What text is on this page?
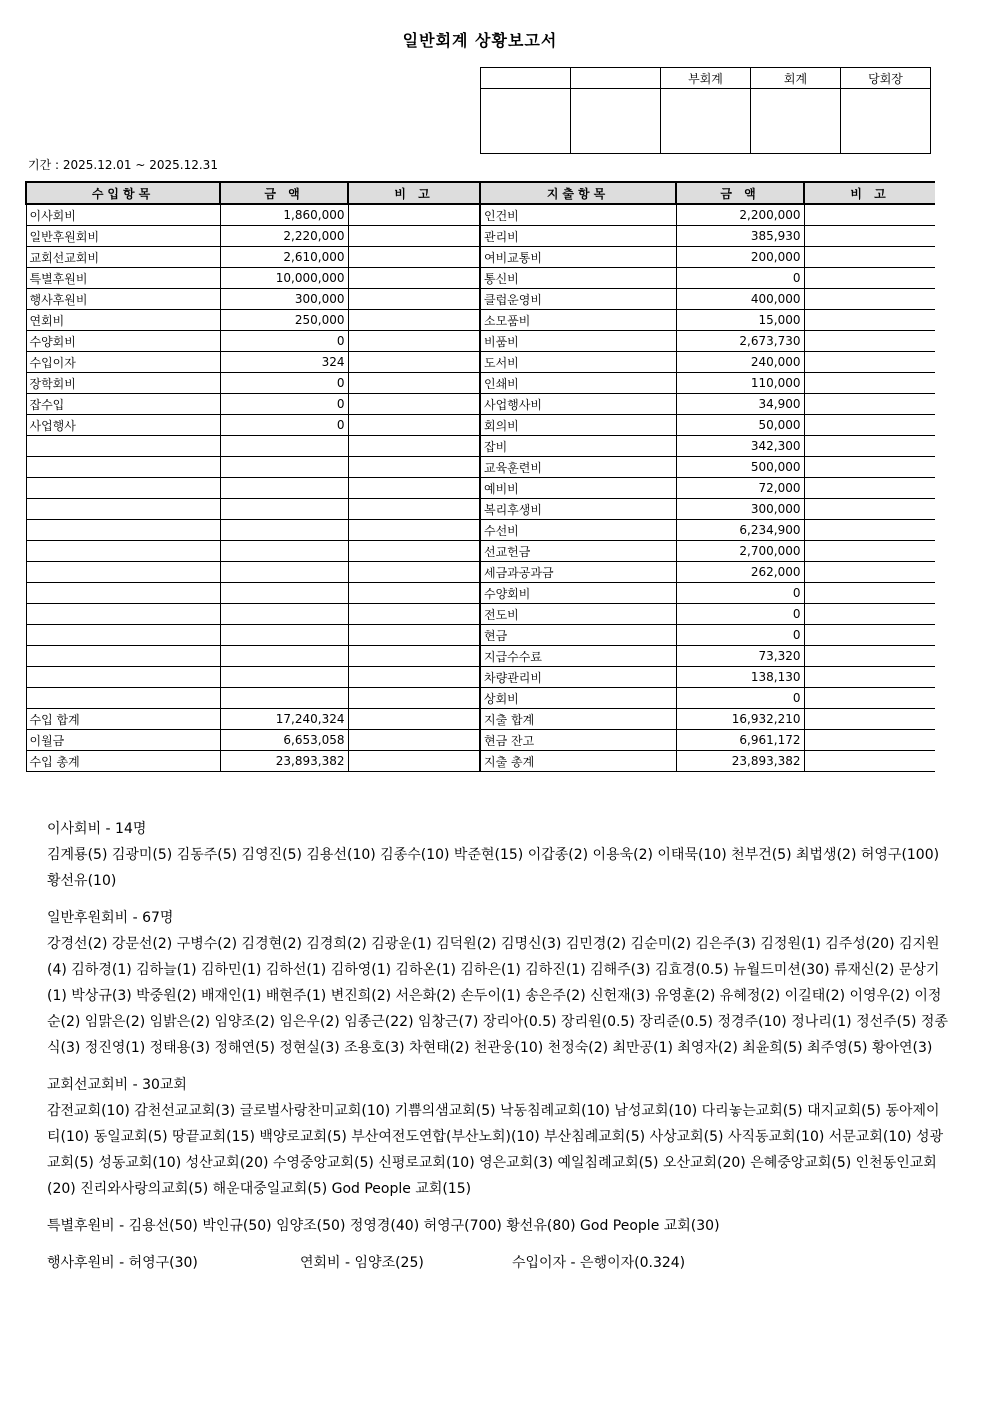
일반회계 상황보고서
		부회계	회계	당회장

기간 : 2025.12.01 ~ 2025.12.31
수입항목	금 액	비 고	지출항목	금 액	비 고
이사회비	1,860,000		인건비	2,200,000	
일반후원회비	2,220,000		관리비	385,930	
교회선교회비	2,610,000		여비교통비	200,000	
특별후원비	10,000,000		통신비	0	
행사후원비	300,000		클럽운영비	400,000	
연회비	250,000		소모품비	15,000	
수양회비	0		비품비	2,673,730	
수입이자	324		도서비	240,000	
장학회비	0		인쇄비	110,000	
잡수입	0		사업행사비	34,900	
사업행사	0		회의비	50,000	
			잡비	342,300	
			교육훈련비	500,000	
			예비비	72,000	
			복리후생비	300,000	
			수선비	6,234,900	
			선교헌금	2,700,000	
			세금과공과금	262,000	
			수양회비	0	
			전도비	0	
			현금	0	
			지급수수료	73,320	
			차량관리비	138,130	
			상회비	0	
수입 합계	17,240,324		지출 합계	16,932,210	
이월금	6,653,058		현금 잔고	6,961,172	
수입 총계	23,893,382		지출 총계	23,893,382	
이사회비 - 14명

김계룡(5) 김광미(5) 김동주(5) 김영진(5) 김용선(10) 김종수(10) 박준현(15) 이갑종(2) 이용욱(2) 이태묵(10) 천부건(5) 최법생(2) 허영구(100) 황선유(10)

일반후원회비 - 67명

강경선(2) 강문선(2) 구병수(2) 김경현(2) 김경희(2) 김광운(1) 김덕원(2) 김명신(3) 김민경(2) 김순미(2) 김은주(3) 김정원(1) 김주성(20) 김지원(4) 김하경(1) 김하늘(1) 김하민(1) 김하선(1) 김하영(1) 김하온(1) 김하은(1) 김하진(1) 김해주(3) 김효경(0.5) 뉴월드미션(30) 류재신(2) 문상기(1) 박상규(3) 박중원(2) 배재인(1) 배현주(1) 변진희(2) 서은화(2) 손두이(1) 송은주(2) 신헌재(3) 유영훈(2) 유혜정(2) 이길태(2) 이영우(2) 이정순(2) 임맑은(2) 임밝은(2) 임양조(2) 임은우(2) 임종근(22) 임창근(7) 장리아(0.5) 장리원(0.5) 장리준(0.5) 정경주(10) 정나리(1) 정선주(5) 정종식(3) 정진영(1) 정태용(3) 정해연(5) 정현실(3) 조용호(3) 차현태(2) 천관웅(10) 천정숙(2) 최만공(1) 최영자(2) 최윤희(5) 최주영(5) 황아연(3)

교회선교회비 - 30교회

감전교회(10) 감천선교교회(3) 글로벌사랑찬미교회(10) 기쁨의샘교회(5) 낙동침례교회(10) 남성교회(10) 다리놓는교회(5) 대지교회(5) 동아제이티(10) 동일교회(5) 땅끝교회(15) 백양로교회(5) 부산여전도연합(부산노회)(10) 부산침례교회(5) 사상교회(5) 사직동교회(10) 서문교회(10) 성광교회(5) 성동교회(10) 성산교회(20) 수영중앙교회(5) 신평로교회(10) 영은교회(3) 예일침례교회(5) 오산교회(20) 은혜중앙교회(5) 인천동인교회(20) 진리와사랑의교회(5) 해운대중일교회(5) God People 교회(15)

특별후원비 - 김용선(50) 박인규(50) 임양조(50) 정영경(40) 허영구(700) 황선유(80) God People 교회(30)

행사후원비 - 허영구(30)	연회비 - 임양조(25)	수입이자 - 은행이자(0.324)
